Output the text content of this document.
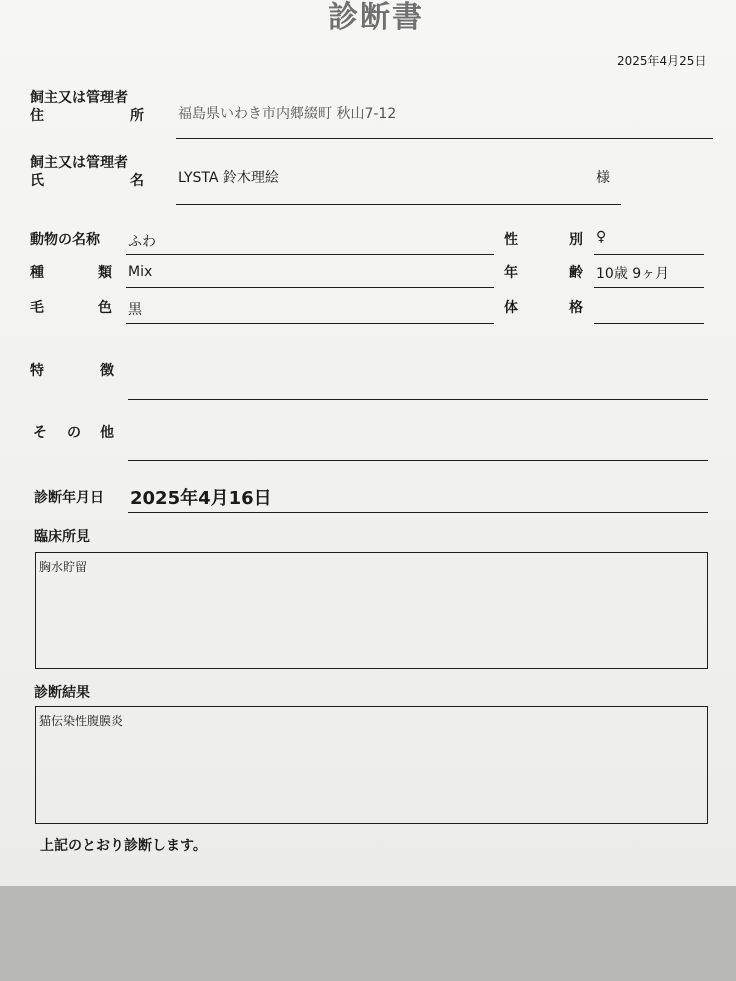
診断書
2025年4月25日
飼主又は管理者
住	所 福島県いわき市内郷綴町 秋山7-12
飼主又は管理者
氏	名 LYSTA 鈴木理絵	様
動物の名称 ふわ	性	別 ♀
種	類 Mix	年	齢 10歳 9ヶ月
毛	色 黒	体	格
特	徴
そ の 他
診断年月日 2025年4月16日
臨床所見
胸水貯留
診断結果
猫伝染性腹膜炎
上記のとおり診断します。
